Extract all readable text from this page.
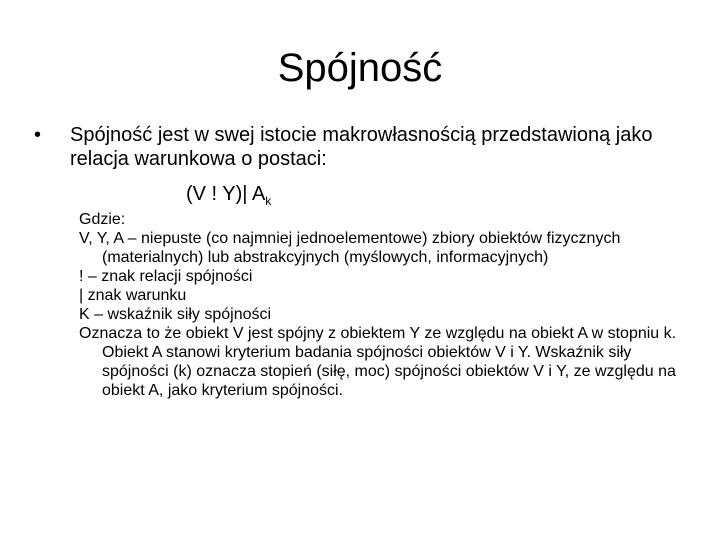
Spójność
•	Spójność jest w swej istocie makrowłasnością przedstawioną jako relacja warunkowa o postaci:
(V ! Y)| $A_k$

Gdzie:

V, Y, A – niepuste (co najmniej jednoelementowe) zbiory obiektów fizycznych (materialnych) lub abstrakcyjnych (myślowych, informacyjnych)

! – znak relacji spójności

| znak warunku

K – wskaźnik siły spójności

Oznacza to że obiekt V jest spójny z obiektem Y ze względu na obiekt A w stopniu k. Obiekt A stanowi kryterium badania spójności obiektów V i Y. Wskaźnik siły spójności (k) oznacza stopień (siłę, moc) spójności obiektów V i Y, ze względu na obiekt A, jako kryterium spójności.
